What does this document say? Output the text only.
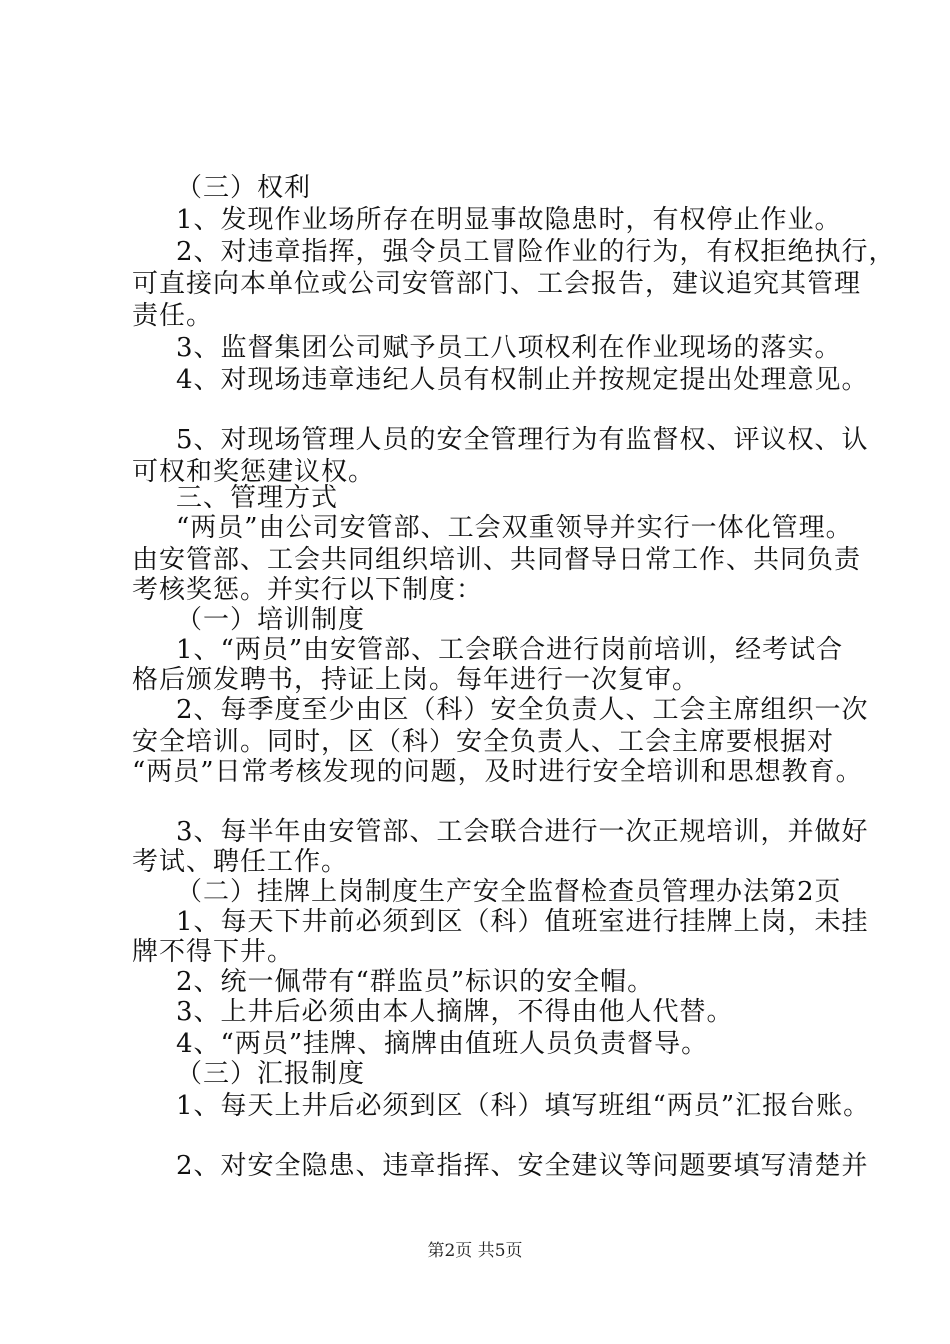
（三）权利
1、发现作业场所存在明显事故隐患时，有权停止作业。
2、对违章指挥，强令员工冒险作业的行为，有权拒绝执行，
可直接向本单位或公司安管部门、工会报告，建议追究其管理
责任。
3、监督集团公司赋予员工八项权利在作业现场的落实。
4、对现场违章违纪人员有权制止并按规定提出处理意见。
5、对现场管理人员的安全管理行为有监督权、评议权、认
可权和奖惩建议权。
三、管理方式
“两员”由公司安管部、工会双重领导并实行一体化管理。
由安管部、工会共同组织培训、共同督导日常工作、共同负责
考核奖惩。并实行以下制度：
（一）培训制度
1、“两员”由安管部、工会联合进行岗前培训，经考试合
格后颁发聘书，持证上岗。每年进行一次复审。
2、每季度至少由区（科）安全负责人、工会主席组织一次
安全培训。同时，区（科）安全负责人、工会主席要根据对
“两员”日常考核发现的问题，及时进行安全培训和思想教育。
3、每半年由安管部、工会联合进行一次正规培训，并做好
考试、聘任工作。
（二）挂牌上岗制度生产安全监督检查员管理办法第2页
1、每天下井前必须到区（科）值班室进行挂牌上岗，未挂
牌不得下井。
2、统一佩带有“群监员”标识的安全帽。
3、上井后必须由本人摘牌，不得由他人代替。
4、“两员”挂牌、摘牌由值班人员负责督导。
（三）汇报制度
1、每天上井后必须到区（科）填写班组“两员”汇报台账。
2、对安全隐患、违章指挥、安全建议等问题要填写清楚并
第2页 共5页
